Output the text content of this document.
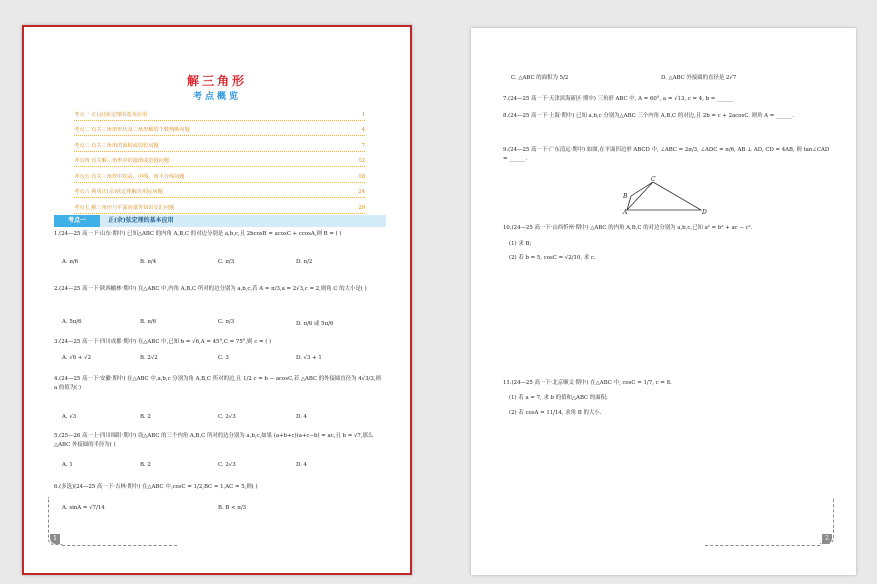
解三角形
考点概览
考点一 正(余)弦定理的基本应用	1
考点二 有关三角形形状及三角形解的个数判断问题	4
考点三 有关三角形的面积或周长问题	7
考点四 有关解三角形中的最值或范围问题	12
考点五 有关三角形中的高、中线、角平分线问题	18
考点六 利用正(余)弦定理解决实际问题	24
考点七 解三角形与平面向量等知识交汇问题	29
考点一	正(余)弦定理的基本应用
1.(24—25 高一下·山东·期中) 已知△ABC 的内角 A,B,C 的对边分别是 a,b,c,且 2bcosB = acosC + ccosA,则 B = ( )
A. π/6	B. π/4	C. π/3	D. π/2
2.(24—25 高一下·陕西榆林·期中) 在△ABC 中,内角 A,B,C 所对的边分别为 a,b,c,若 A = π/3,a = 2√3,c = 2,则角 C 的大小是( )
A. 5π/6	B. π/6	C. π/3	D. π/6 或 5π/6
3.(24—25 高一下·四川成都·期中) 在△ABC 中,已知 b = √6,A = 45°,C = 75°,则 c = ( )
A. √6 + √2	B. 2√2	C. 3	D. √3 + 1
4.(24—25 高一下·安徽·期中) 在△ABC 中,a,b,c 分别为角 A,B,C 所对的边,且 1/2 c = b − acosC,若 △ABC 的外接圆直径为 4√3/3,则 a 的值为( )
A. √3	B. 2	C. 2√3	D. 4
5.(25—26 高一上·四川绵阳·期中) 设△ABC 的三个内角 A,B,C 所对的边分别为 a,b,c,如果 (a+b+c)(a+c−b) = ac,且 b = √7,那么△ABC 外接圆的半径为( )
A. 1	B. 2	C. 2√3	D. 4
6.(多选)(24—25 高一下·吉林·期中) 在△ABC 中,cosC = 1/2,BC = 1,AC = 5,则( )
A. sinA = √7/14	B. B < π/3
1
C. △ABC 的面积为 5/2	D. △ABC 外接圆的直径是 2√7
7.(24—25 高一下·天津滨海新区·期中) 三角形 ABC 中, A = 60°, a = √13, c = 4, b = ______
8.(24—25 高一下·上海·期中) 已知 a,b,c 分别为△ABC 三个内角 A,B,C 的对边,且 2b = c + 2acosC. 则角 A = ______.
9.(24—25 高一下·广东清远·期中) 如图,在平面四边形 ABCD 中, ∠ABC = 2π/3, ∠ADC = π/6, AB ⊥ AD, CD = 4AB, 则 tan∠CAD = ______.
C
B
A	D
10.(24—25 高一下·山西忻州·期中) △ABC 的内角 A,B,C 的对边分别为 a,b,c,已知 a² = b² + ac − c².
(1) 求 B;
(2) 若 b = 5, cosC = √2/10, 求 c.
11.(24—25 高一下·北京顺义·期中) 在△ABC 中, cosC = 1/7, c = 8.
(1) 若 a = 7, 求 b 的值和△ABC 的面积;
(2) 若 cosA = 11/14, 求角 B 的大小.
2
